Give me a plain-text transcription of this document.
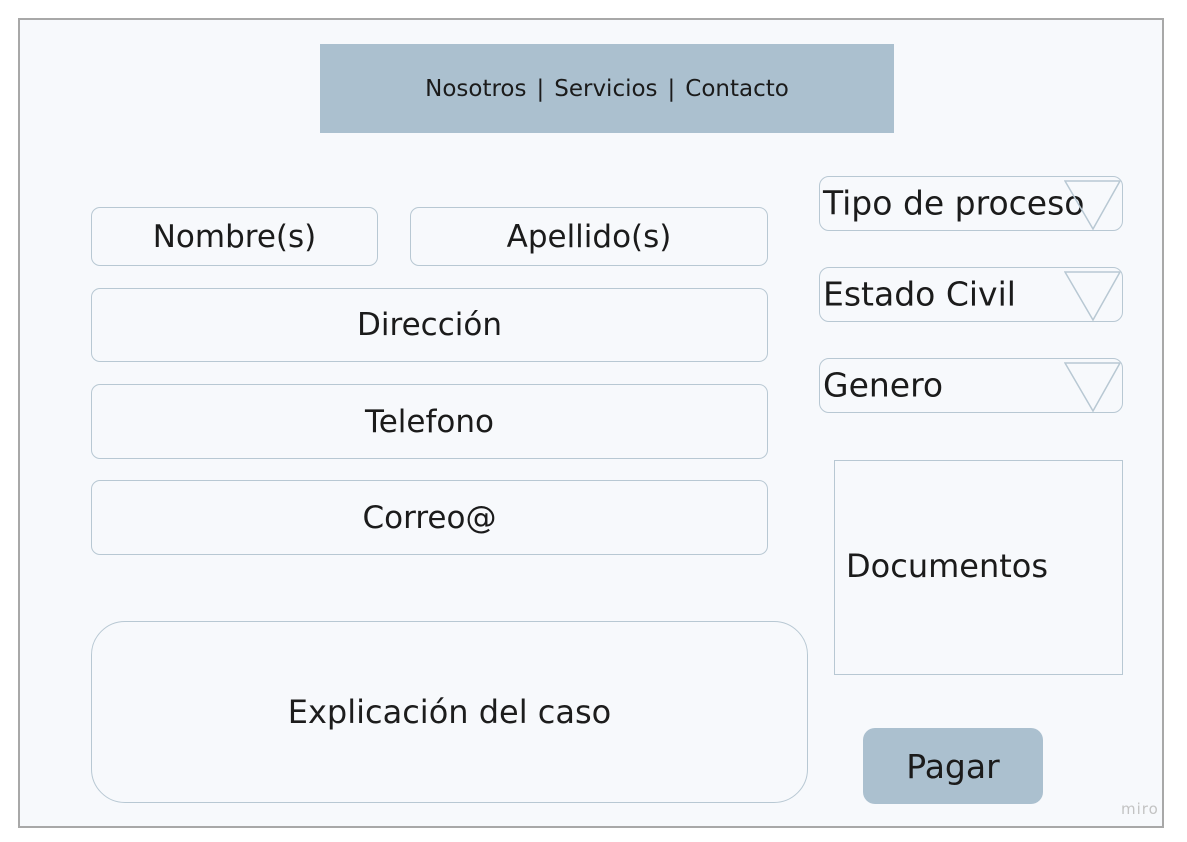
Nosotros | Servicios | Contacto
Nombre(s)	Apellido(s)
Dirección
Telefono
Correo@
Explicación del caso
Tipo de proceso
Estado Civil
Genero
Documentos
Pagar
miro
